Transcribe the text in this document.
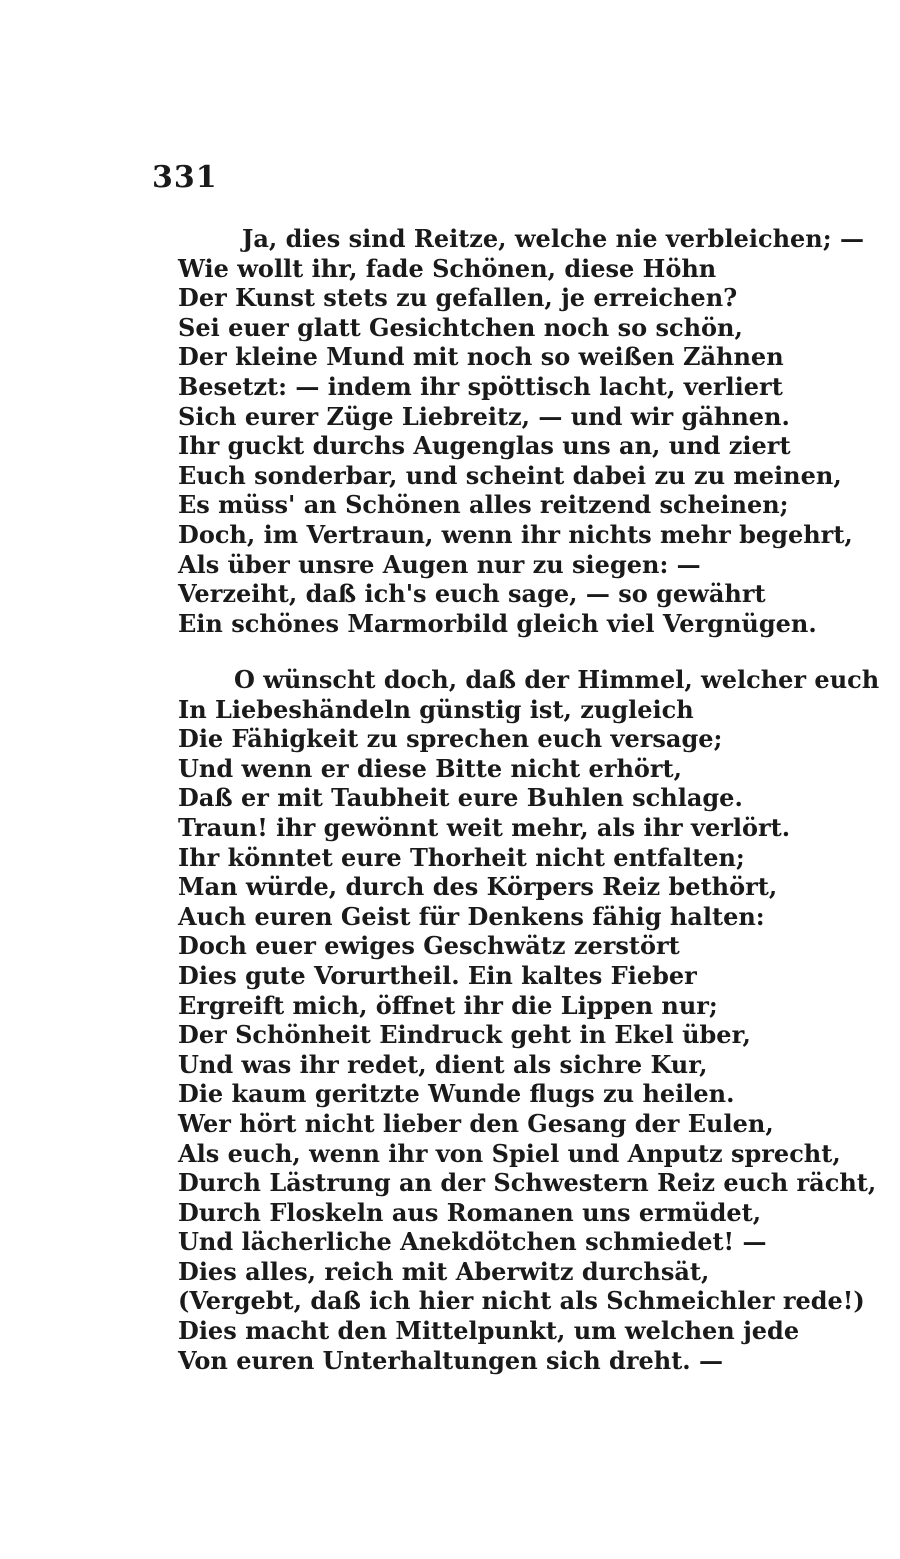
331
Ja, dies sind Reitze, welche nie verbleichen; —
Wie wollt ihr, fade Schönen, diese Höhn
Der Kunst stets zu gefallen, je erreichen?
Sei euer glatt Gesichtchen noch so schön,
Der kleine Mund mit noch so weißen Zähnen
Besetzt: — indem ihr spöttisch lacht, verliert
Sich eurer Züge Liebreitz, — und wir gähnen.
Ihr guckt durchs Augenglas uns an, und ziert
Euch sonderbar, und scheint dabei zu zu meinen,
Es müss' an Schönen alles reitzend scheinen;
Doch, im Vertraun, wenn ihr nichts mehr begehrt,
Als über unsre Augen nur zu siegen: —
Verzeiht, daß ich's euch sage, — so gewährt
Ein schönes Marmorbild gleich viel Vergnügen.
O wünscht doch, daß der Himmel, welcher euch
In Liebeshändeln günstig ist, zugleich
Die Fähigkeit zu sprechen euch versage;
Und wenn er diese Bitte nicht erhört,
Daß er mit Taubheit eure Buhlen schlage.
Traun! ihr gewönnt weit mehr, als ihr verlört.
Ihr könntet eure Thorheit nicht entfalten;
Man würde, durch des Körpers Reiz bethört,
Auch euren Geist für Denkens fähig halten:
Doch euer ewiges Geschwätz zerstört
Dies gute Vorurtheil. Ein kaltes Fieber
Ergreift mich, öffnet ihr die Lippen nur;
Der Schönheit Eindruck geht in Ekel über,
Und was ihr redet, dient als sichre Kur,
Die kaum geritzte Wunde flugs zu heilen.
Wer hört nicht lieber den Gesang der Eulen,
Als euch, wenn ihr von Spiel und Anputz sprecht,
Durch Lästrung an der Schwestern Reiz euch rächt,
Durch Floskeln aus Romanen uns ermüdet,
Und lächerliche Anekdötchen schmiedet! —
Dies alles, reich mit Aberwitz durchsät,
(Vergebt, daß ich hier nicht als Schmeichler rede!)
Dies macht den Mittelpunkt, um welchen jede
Von euren Unterhaltungen sich dreht. —
